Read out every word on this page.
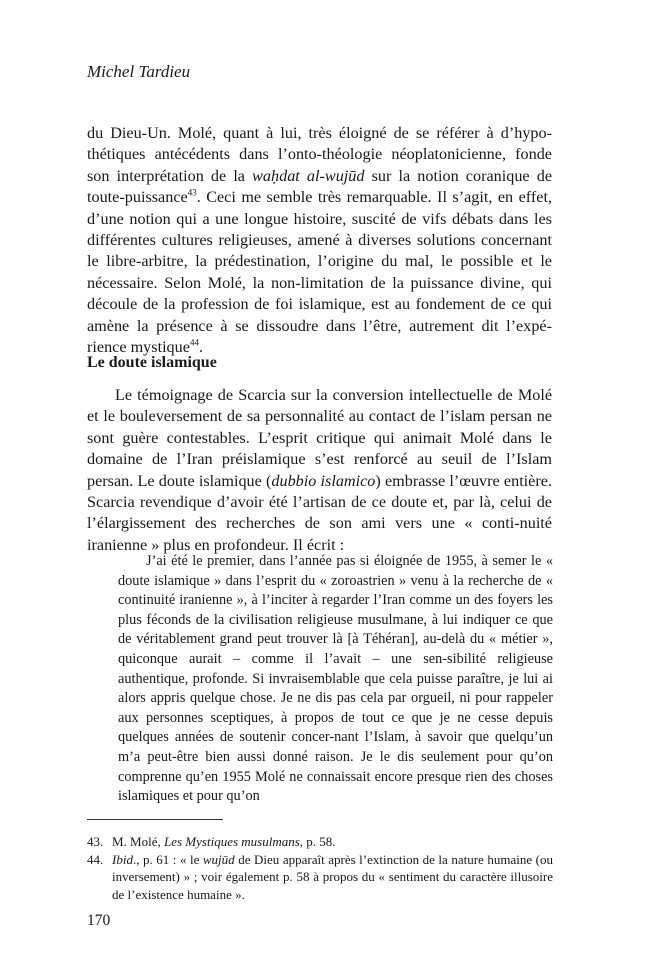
Michel Tardieu

du Dieu-Un. Molé, quant à lui, très éloigné de se référer à d’hypo-thétiques antécédents dans l’onto-théologie néoplatonicienne, fonde son interprétation de la waḥdat al-wujūd sur la notion coranique de toute-puissance$^{43}$. Ceci me semble très remarquable. Il s’agit, en effet, d’une notion qui a une longue histoire, suscité de vifs débats dans les différentes cultures religieuses, amené à diverses solutions concernant le libre-arbitre, la prédestination, l’origine du mal, le possible et le nécessaire. Selon Molé, la non-limitation de la puissance divine, qui découle de la profession de foi islamique, est au fondement de ce qui amène la présence à se dissoudre dans l’être, autrement dit l’expé-rience mystique$^{44}$.

Le doute islamique

Le témoignage de Scarcia sur la conversion intellectuelle de Molé et le bouleversement de sa personnalité au contact de l’islam persan ne sont guère contestables. L’esprit critique qui animait Molé dans le domaine de l’Iran préislamique s’est renforcé au seuil de l’Islam persan. Le doute islamique (dubbio islamico) embrasse l’œuvre entière. Scarcia revendique d’avoir été l’artisan de ce doute et, par là, celui de l’élargissement des recherches de son ami vers une « conti-nuité iranienne » plus en profondeur. Il écrit :

J’ai été le premier, dans l’année pas si éloignée de 1955, à semer le « doute islamique » dans l’esprit du « zoroastrien » venu à la recherche de « continuité iranienne », à l’inciter à regarder l’Iran comme un des foyers les plus féconds de la civilisation religieuse musulmane, à lui indiquer ce que de véritablement grand peut trouver là [à Téhéran], au-delà du « métier », quiconque aurait – comme il l’avait – une sen-sibilité religieuse authentique, profonde. Si invraisemblable que cela puisse paraître, je lui ai alors appris quelque chose. Je ne dis pas cela par orgueil, ni pour rappeler aux personnes sceptiques, à propos de tout ce que je ne cesse depuis quelques années de soutenir concer-nant l’Islam, à savoir que quelqu’un m’a peut-être bien aussi donné raison. Je le dis seulement pour qu’on comprenne qu’en 1955 Molé ne connaissait encore presque rien des choses islamiques et pour qu’on

43. M. Molé, Les Mystiques musulmans, p. 58.
44. Ibid., p. 61 : « le wujūd de Dieu apparaît après l’extinction de la nature humaine (ou inversement) » ; voir également p. 58 à propos du « sentiment du caractère illusoire de l’existence humaine ».
170
